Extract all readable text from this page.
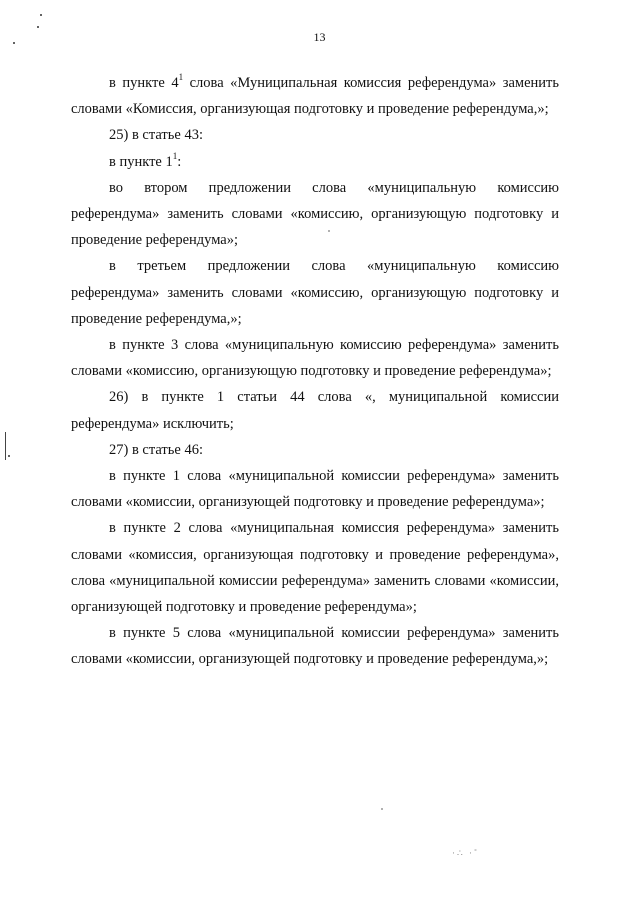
13
·∴ ·˚

в пункте $4^1$ слова «Муниципальная комиссия референдума» заменить словами «Комиссия, организующая подготовку и проведение референдума,»;

25) в статье 43:

в пункте $1^1$:

во втором предложении слова «муниципальную комиссию референдума» заменить словами «комиссию, организующую подготовку и проведение референдума»;

в третьем предложении слова «муниципальную комиссию референдума» заменить словами «комиссию, организующую подготовку и проведение референдума,»;

в пункте 3 слова «муниципальную комиссию референдума» заменить словами «комиссию, организующую подготовку и проведение референдума»;

26) в пункте 1 статьи 44 слова «, муниципальной комиссии референдума» исключить;

27) в статье 46:

в пункте 1 слова «муниципальной комиссии референдума» заменить словами «комиссии, организующей подготовку и проведение референдума»;

в пункте 2 слова «муниципальная комиссия референдума» заменить словами «комиссия, организующая подготовку и проведение референдума», слова «муниципальной комиссии референдума» заменить словами «комиссии, организующей подготовку и проведение референдума»;

в пункте 5 слова «муниципальной комиссии референдума» заменить словами «комиссии, организующей подготовку и проведение референдума,»;
